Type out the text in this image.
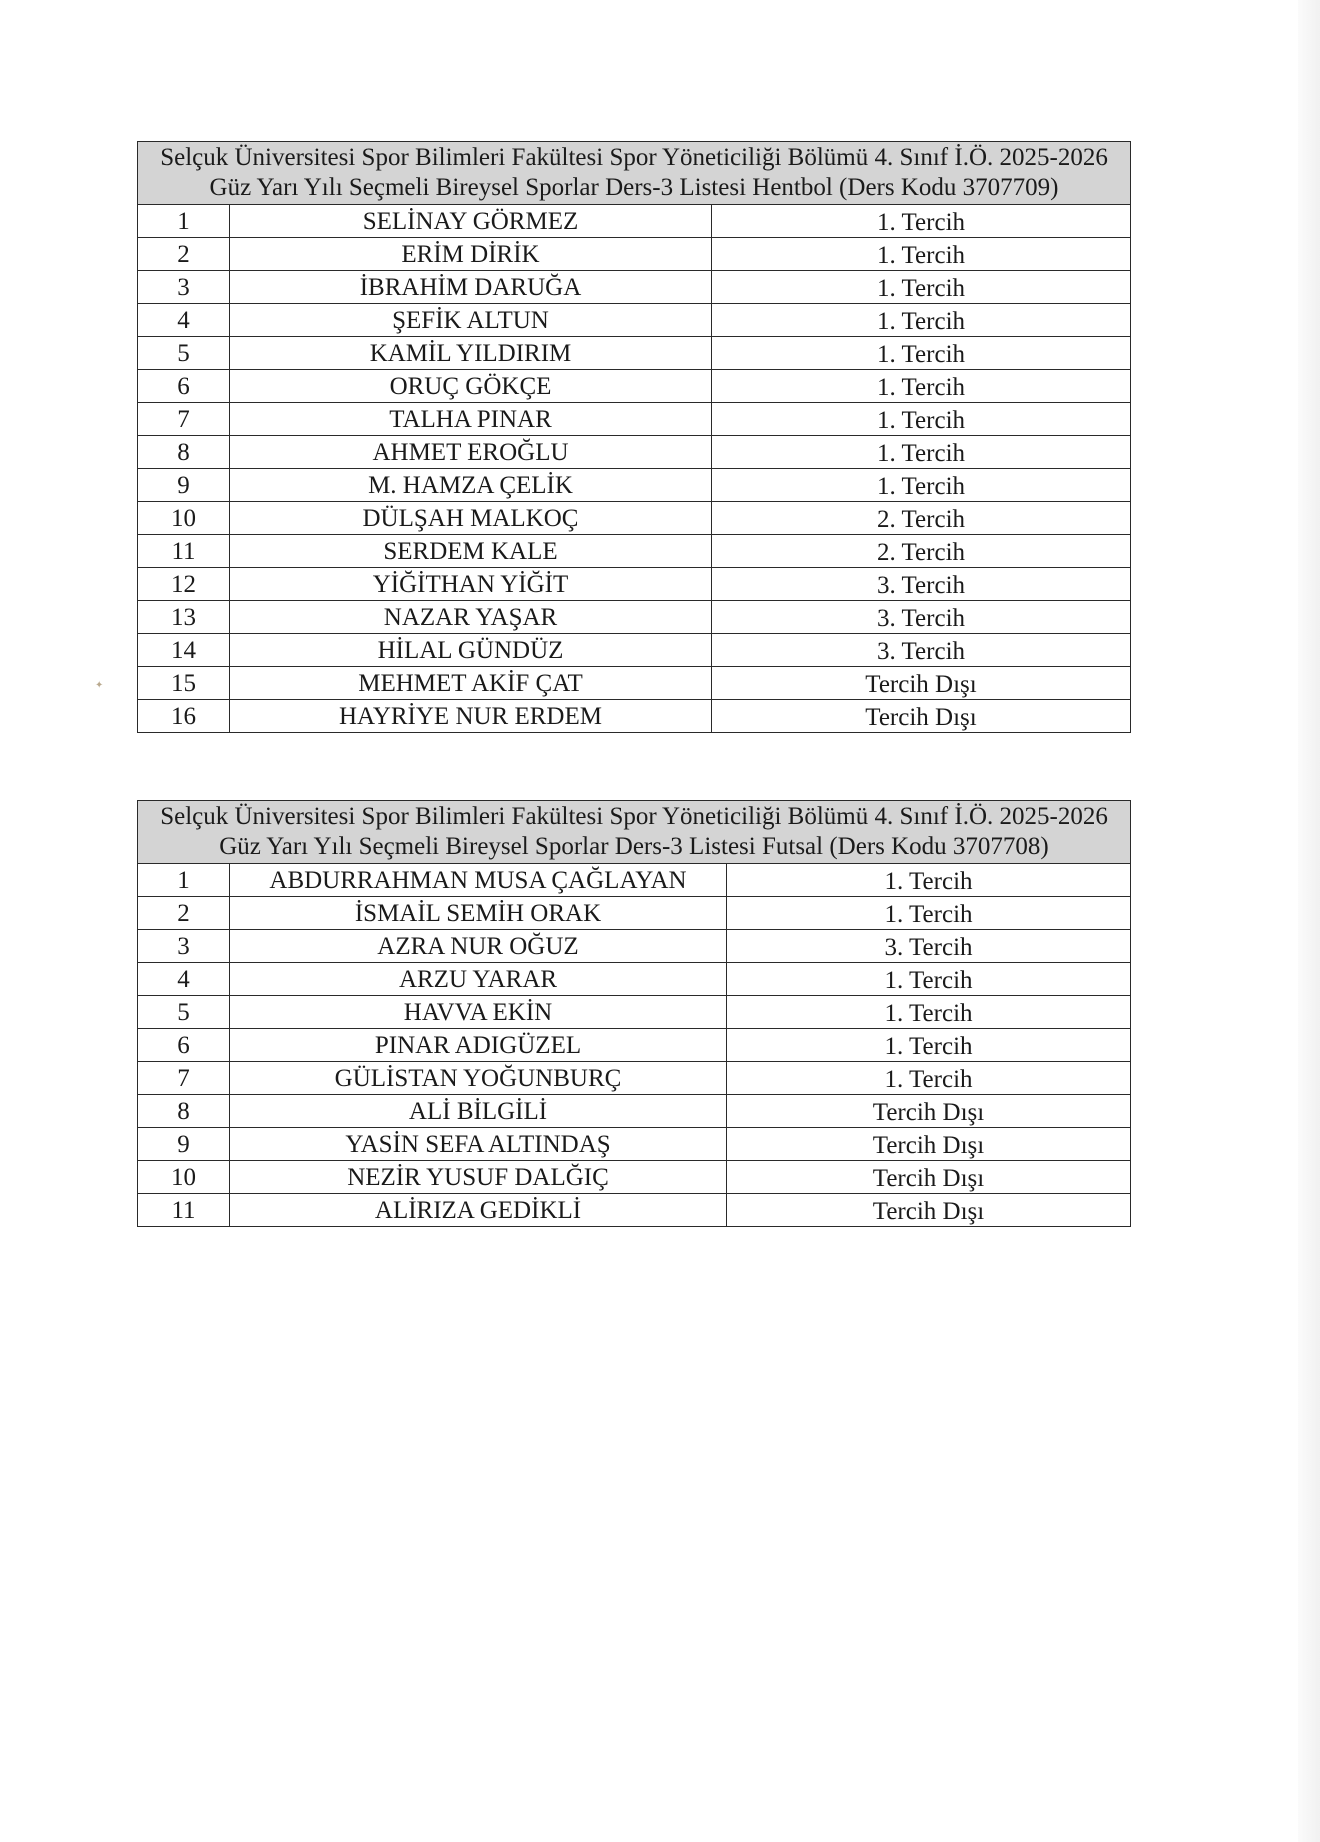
✦
Selçuk Üniversitesi Spor Bilimleri Fakültesi Spor Yöneticiliği Bölümü 4. Sınıf İ.Ö. 2025-2026 Güz Yarı Yılı Seçmeli Bireysel Sporlar Ders-3 Listesi Hentbol (Ders Kodu 3707709)		
1	SELİNAY GÖRMEZ	1. Tercih
2	ERİM DİRİK	1. Tercih
3	İBRAHİM DARUĞA	1. Tercih
4	ŞEFİK ALTUN	1. Tercih
5	KAMİL YILDIRIM	1. Tercih
6	ORUÇ GÖKÇE	1. Tercih
7	TALHA PINAR	1. Tercih
8	AHMET EROĞLU	1. Tercih
9	M. HAMZA ÇELİK	1. Tercih
10	DÜLŞAH MALKOÇ	2. Tercih
11	SERDEM KALE	2. Tercih
12	YİĞİTHAN YİĞİT	3. Tercih
13	NAZAR YAŞAR	3. Tercih
14	HİLAL GÜNDÜZ	3. Tercih
15	MEHMET AKİF ÇAT	Tercih Dışı
16	HAYRİYE NUR ERDEM	Tercih Dışı
Selçuk Üniversitesi Spor Bilimleri Fakültesi Spor Yöneticiliği Bölümü 4. Sınıf İ.Ö. 2025-2026 Güz Yarı Yılı Seçmeli Bireysel Sporlar Ders-3 Listesi Futsal (Ders Kodu 3707708)		
1	ABDURRAHMAN MUSA ÇAĞLAYAN	1. Tercih
2	İSMAİL SEMİH ORAK	1. Tercih
3	AZRA NUR OĞUZ	3. Tercih
4	ARZU YARAR	1. Tercih
5	HAVVA EKİN	1. Tercih
6	PINAR ADIGÜZEL	1. Tercih
7	GÜLİSTAN YOĞUNBURÇ	1. Tercih
8	ALİ BİLGİLİ	Tercih Dışı
9	YASİN SEFA ALTINDAŞ	Tercih Dışı
10	NEZİR YUSUF DALĞIÇ	Tercih Dışı
11	ALİRIZA GEDİKLİ	Tercih Dışı
